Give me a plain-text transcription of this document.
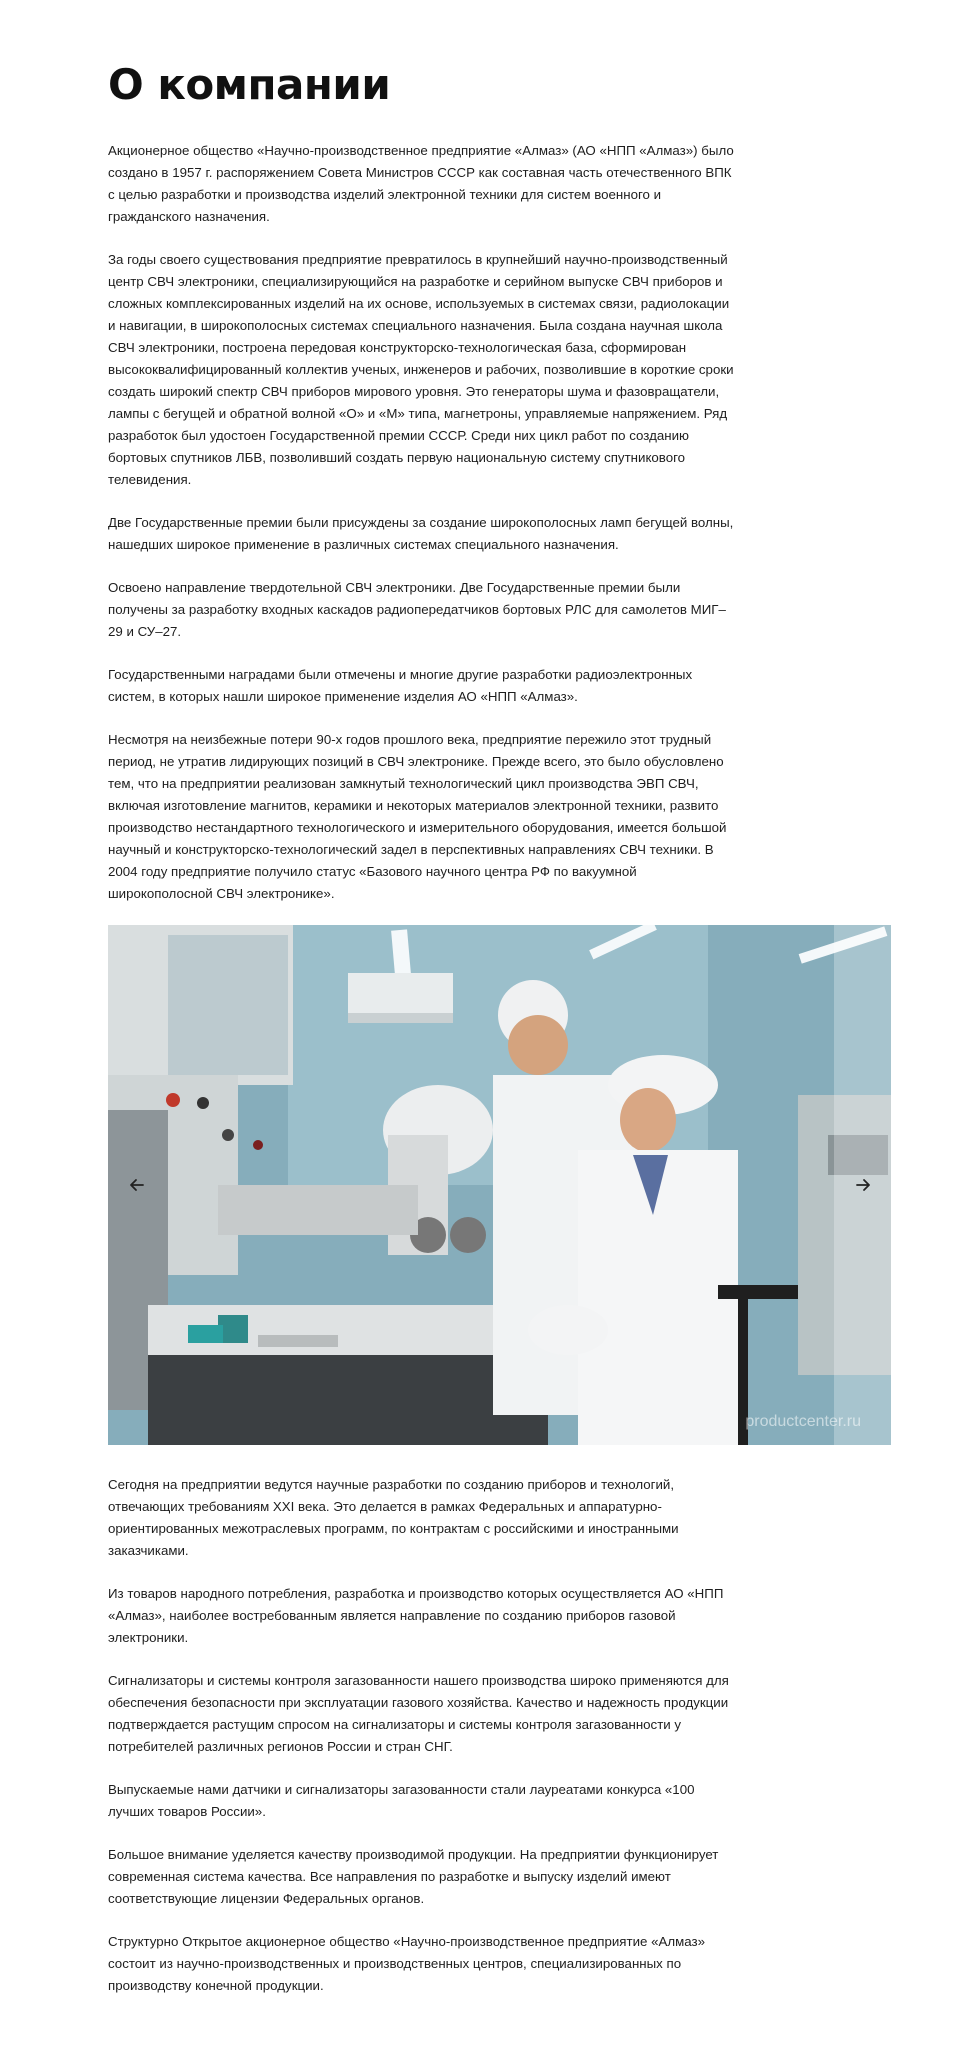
О компании

Акционерное общество «Научно-производственное предприятие «Алмаз» (АО «НПП «Алмаз») было создано в 1957 г. распоряжением Совета Министров СССР как составная часть отечественного ВПК с целью разработки и производства изделий электронной техники для систем военного и гражданского назначения.

За годы своего существования предприятие превратилось в крупнейший научно-производственный центр СВЧ электроники, специализирующийся на разработке и серийном выпуске СВЧ приборов и сложных комплексированных изделий на их основе, используемых в системах связи, радиолокации и навигации, в широкополосных системах специального назначения. Была создана научная школа СВЧ электроники, построена передовая конструкторско-технологическая база, сформирован высококвалифицированный коллектив ученых, инженеров и рабочих, позволившие в короткие сроки создать широкий спектр СВЧ приборов мирового уровня. Это генераторы шума и фазовращатели, лампы с бегущей и обратной волной «О» и «М» типа, магнетроны, управляемые напряжением. Ряд разработок был удостоен Государственной премии СССР. Среди них цикл работ по созданию бортовых спутников ЛБВ, позволивший создать первую национальную систему спутникового телевидения.

Две Государственные премии были присуждены за создание широкополосных ламп бегущей волны, нашедших широкое применение в различных системах специального назначения.

Освоено направление твердотельной СВЧ электроники. Две Государственные премии были получены за разработку входных каскадов радиопередатчиков бортовых РЛС для самолетов МИГ–29 и СУ–27.

Государственными наградами были отмечены и многие другие разработки радиоэлектронных систем, в которых нашли широкое применение изделия АО «НПП «Алмаз».

Несмотря на неизбежные потери 90-х годов прошлого века, предприятие пережило этот трудный период, не утратив лидирующих позиций в СВЧ электронике. Прежде всего, это было обусловлено тем, что на предприятии реализован замкнутый технологический цикл производства ЭВП СВЧ, включая изготовление магнитов, керамики и некоторых материалов электронной техники, развито производство нестандартного технологического и измерительного оборудования, имеется большой научный и конструкторско-технологический задел в перспективных направлениях СВЧ техники. В 2004 году предприятие получило статус «Базового научного центра РФ по вакуумной широкополосной СВЧ электронике».

productcenter.ru

Сегодня на предприятии ведутся научные разработки по созданию приборов и технологий, отвечающих требованиям XXI века. Это делается в рамках Федеральных и аппаратурно-ориентированных межотраслевых программ, по контрактам с российскими и иностранными заказчиками.

Из товаров народного потребления, разработка и производство которых осуществляется АО «НПП «Алмаз», наиболее востребованным является направление по созданию приборов газовой электроники.

Сигнализаторы и системы контроля загазованности нашего производства широко применяются для обеспечения безопасности при эксплуатации газового хозяйства. Качество и надежность продукции подтверждается растущим спросом на сигнализаторы и системы контроля загазованности у потребителей различных регионов России и стран СНГ.

Выпускаемые нами датчики и сигнализаторы загазованности стали лауреатами конкурса «100 лучших товаров России».

Большое внимание уделяется качеству производимой продукции. На предприятии функционирует современная система качества. Все направления по разработке и выпуску изделий имеют соответствующие лицензии Федеральных органов.

Структурно Открытое акционерное общество «Научно-производственное предприятие «Алмаз» состоит из научно-производственных и производственных центров, специализированных по производству конечной продукции.
